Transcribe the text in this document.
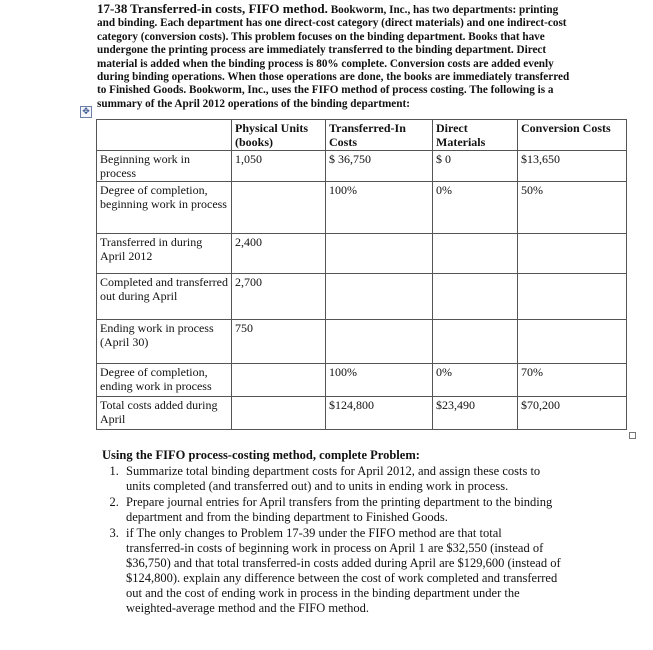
17-38 Transferred-in costs, FIFO method. Bookworm, Inc., has two departments: printing and binding. Each department has one direct-cost category (direct materials) and one indirect-cost category (conversion costs). This problem focuses on the binding department. Books that have undergone the printing process are immediately transferred to the binding department. Direct material is added when the binding process is 80% complete. Conversion costs are added evenly during binding operations. When those operations are done, the books are immediately transferred to Finished Goods. Bookworm, Inc., uses the FIFO method of process costing. The following is a summary of the April 2012 operations of the binding department:
✥
	Physical Units (books)	Transferred-In Costs	Direct Materials	Conversion Costs
Beginning work in process	1,050	$ 36,750	$ 0	$13,650
Degree of completion, beginning work in process		100%	0%	50%
Transferred in during April 2012	2,400			
Completed and transferred out during April	2,700			
Ending work in process (April 30)	750			
Degree of completion, ending work in process		100%	0%	70%
Total costs added during April		$124,800	$23,490	$70,200
Using the FIFO process-costing method, complete Problem:
1. Summarize total binding department costs for April 2012, and assign these costs to units completed (and transferred out) and to units in ending work in process.
2. Prepare journal entries for April transfers from the printing department to the binding department and from the binding department to Finished Goods.
3. if The only changes to Problem 17-39 under the FIFO method are that total transferred-in costs of beginning work in process on April 1 are $32,550 (instead of $36,750) and that total transferred-in costs added during April are $129,600 (instead of $124,800). explain any difference between the cost of work completed and transferred out and the cost of ending work in process in the binding department under the weighted-average method and the FIFO method.
